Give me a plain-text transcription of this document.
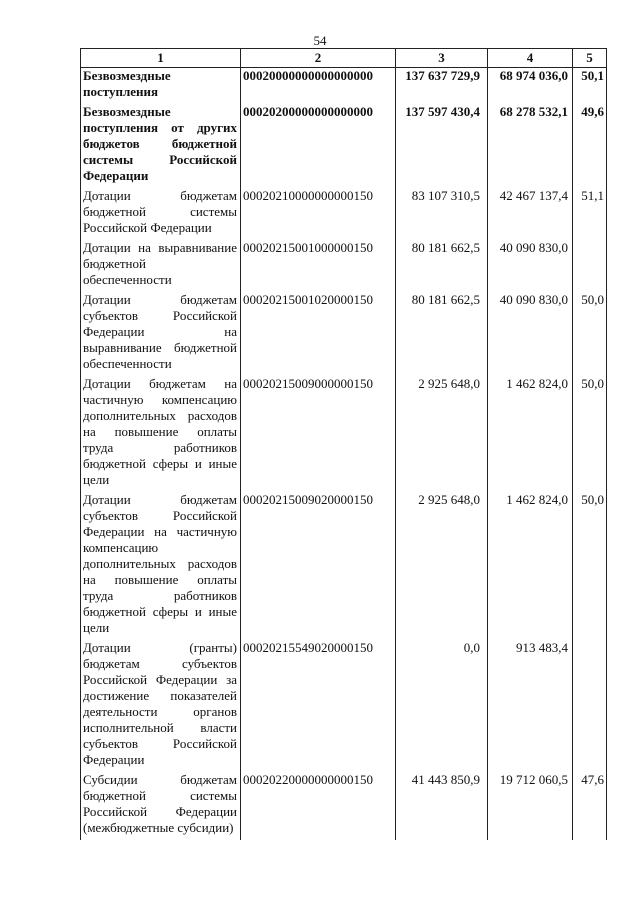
54
1	2	3	4	5
Безвозмездные поступления	00020000000000000000	137 637 729,9	68 974 036,0	50,1
Безвозмездные поступления от других бюджетов бюджетной системы Российской Федерации	00020200000000000000	137 597 430,4	68 278 532,1	49,6
Дотации бюджетам бюджетной системы Российской Федерации	00020210000000000150	83 107 310,5	42 467 137,4	51,1
Дотации на выравнивание бюджетной обеспеченности	00020215001000000150	80 181 662,5	40 090 830,0	
Дотации бюджетам субъектов Российской Федерации на выравнивание бюджетной обеспеченности	00020215001020000150	80 181 662,5	40 090 830,0	50,0
Дотации бюджетам на частичную компенсацию дополнительных расходов на повышение оплаты труда работников бюджетной сферы и иные цели	00020215009000000150	2 925 648,0	1 462 824,0	50,0
Дотации бюджетам субъектов Российской Федерации на частичную компенсацию дополнительных расходов на повышение оплаты труда работников бюджетной сферы и иные цели	00020215009020000150	2 925 648,0	1 462 824,0	50,0
Дотации (гранты) бюджетам субъектов Российской Федерации за достижение показателей деятельности органов исполнительной власти субъектов Российской Федерации	00020215549020000150	0,0	913 483,4	
Субсидии бюджетам бюджетной системы Российской Федерации (межбюджетные субсидии)	00020220000000000150	41 443 850,9	19 712 060,5	47,6
